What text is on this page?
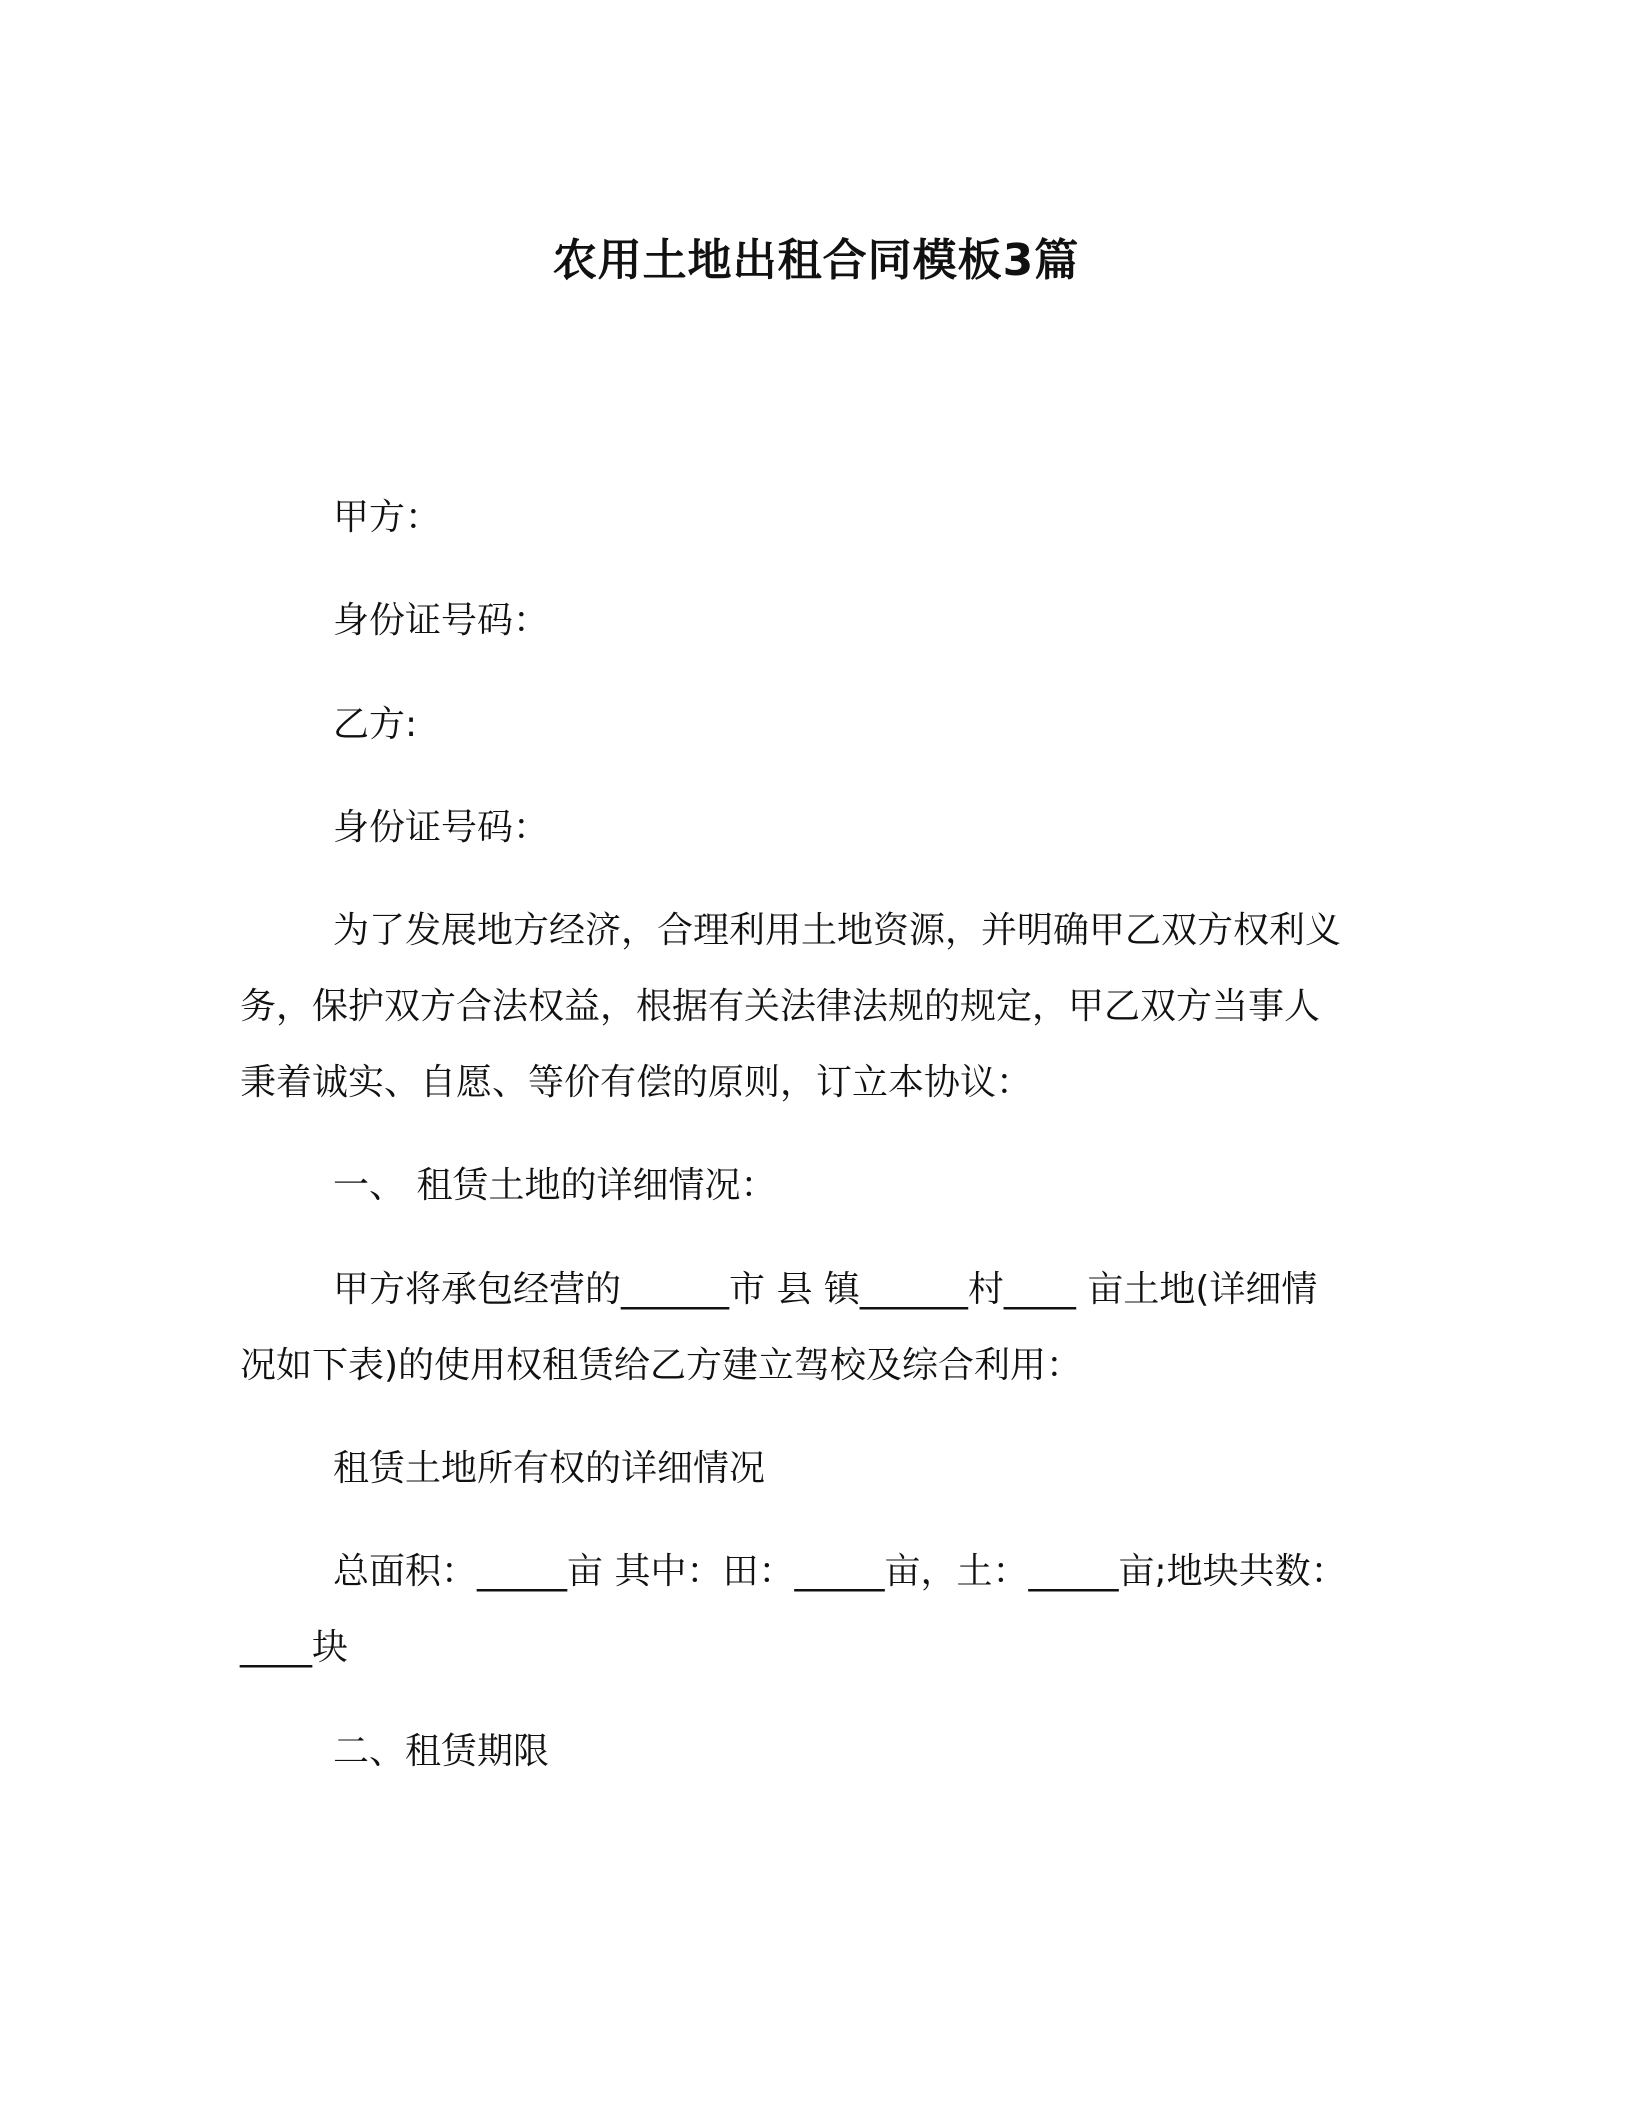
农用土地出租合同模板3篇
甲方：
身份证号码：
乙方:
身份证号码：
为了发展地方经济，合理利用土地资源，并明确甲乙双方权利义
务，保护双方合法权益，根据有关法律法规的规定，甲乙双方当事人
秉着诚实、自愿、等价有偿的原则，订立本协议：
一、 租赁土地的详细情况：
甲方将承包经营的______市 县 镇______村____ 亩土地(详细情
况如下表)的使用权租赁给乙方建立驾校及综合利用：
租赁土地所有权的详细情况
总面积：_____亩 其中：田：_____亩，土：_____亩;地块共数：
____块
二、租赁期限
